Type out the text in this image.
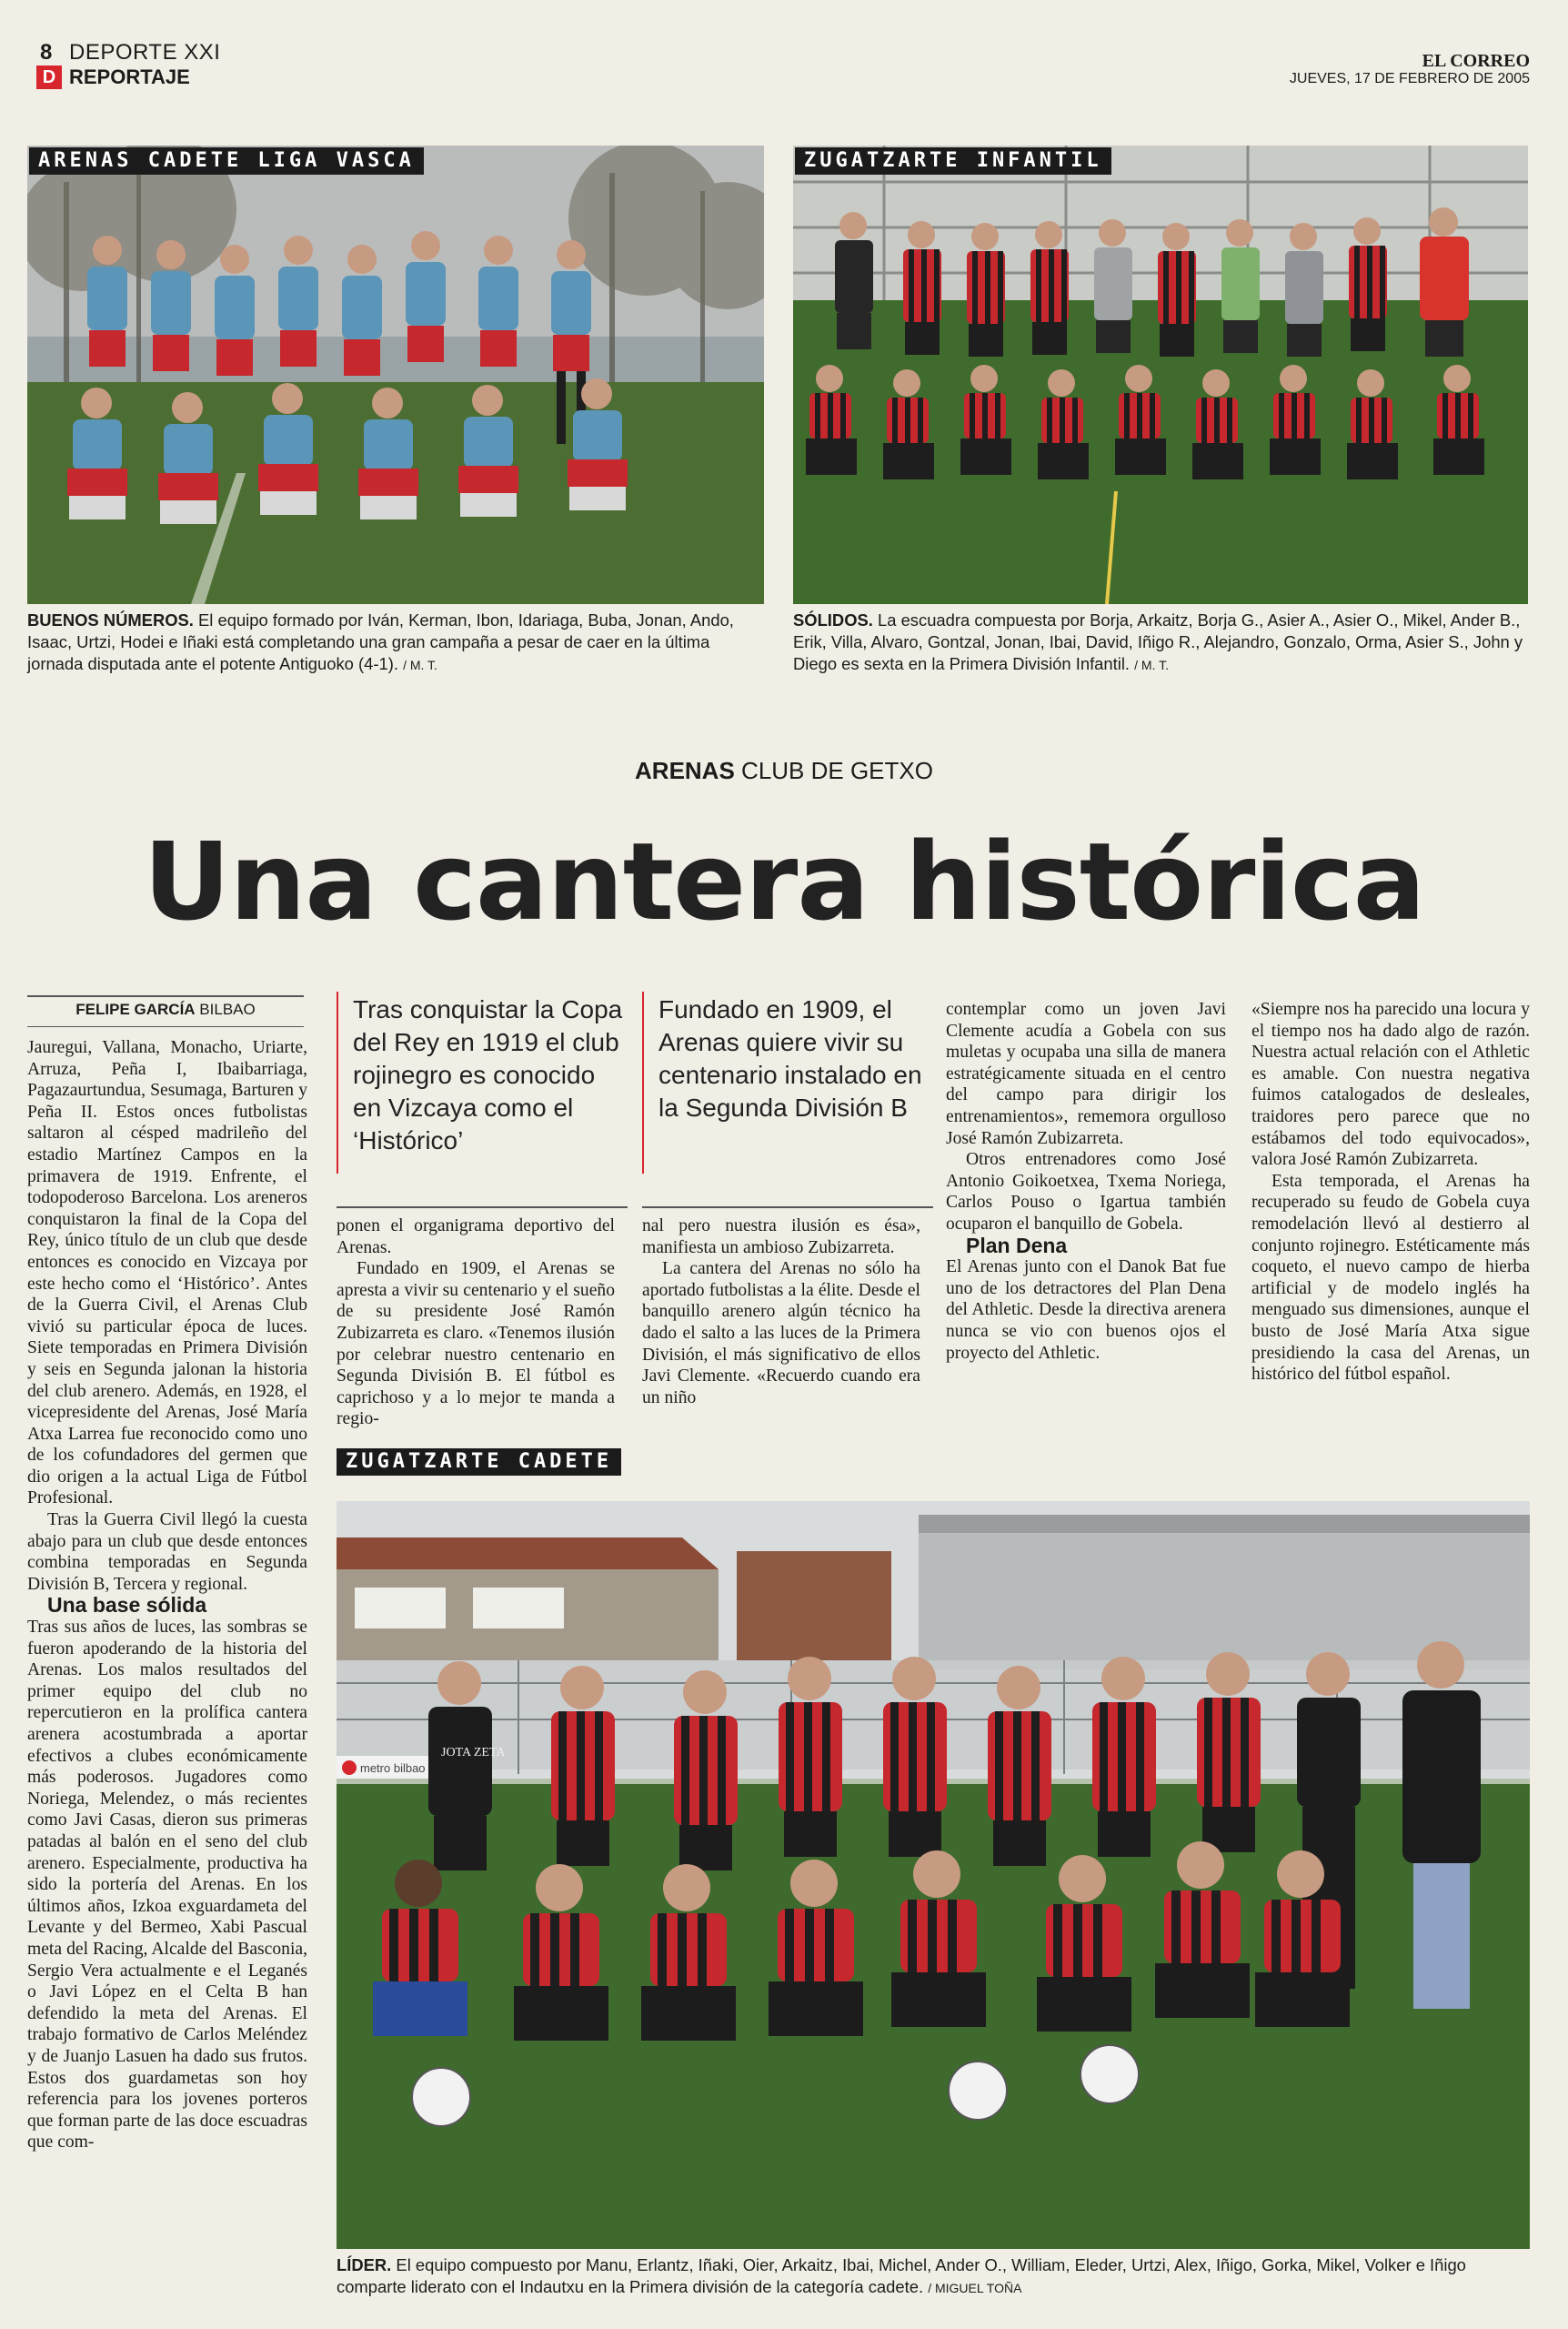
8 DEPORTE XXI
D REPORTAJE
EL CORREO
JUEVES, 17 DE FEBRERO DE 2005
ARENAS CADETE LIGA VASCA	ZUGATZARTE INFANTIL
BUENOS NÚMEROS. El equipo formado por Iván, Kerman, Ibon, Idariaga, Buba, Jonan, Ando, Isaac, Urtzi, Hodei e Iñaki está completando una gran campaña a pesar de caer en la última jornada disputada ante el potente Antiguoko (4-1). / M. T.
SÓLIDOS. La escuadra compuesta por Borja, Arkaitz, Borja G., Asier A., Asier O., Mikel, Ander B., Erik, Villa, Alvaro, Gontzal, Jonan, Ibai, David, Iñigo R., Alejandro, Gonzalo, Orma, Asier S., John y Diego es sexta en la Primera División Infantil. / M. T.
ARENAS CLUB DE GETXO
Una cantera histórica
FELIPE GARCÍA BILBAO	Tras conquistar la Copa del Rey en 1919 el club rojinegro es conocido en Vizcaya como el ‘Histórico’
Fundado en 1909, el Arenas quiere vivir su centenario instalado en la Segunda División B

Jauregui, Vallana, Monacho, Uriarte, Arruza, Peña I, Ibaibarriaga, Pagazaurtundua, Sesumaga, Barturen y Peña II. Estos onces futbolistas saltaron al césped madrileño del estadio Martínez Campos en la primavera de 1919. Enfrente, el todopoderoso Barcelona. Los areneros conquistaron la final de la Copa del Rey, único título de un club que desde entonces es conocido en Vizcaya por este hecho como el ‘Histórico’. Antes de la Guerra Civil, el Arenas Club vivió su particular época de luces. Siete temporadas en Primera División y seis en Segunda jalonan la historia del club arenero. Además, en 1928, el vicepresidente del Arenas, José María Atxa Larrea fue reconocido como uno de los cofundadores del germen que dio origen a la actual Liga de Fútbol Profesional.

Tras la Guerra Civil llegó la cuesta abajo para un club que desde entonces combina temporadas en Segunda División B, Tercera y regional.

Una base sólida

Tras sus años de luces, las sombras se fueron apoderando de la historia del Arenas. Los malos resultados del primer equipo del club no repercutieron en la prolífica cantera arenera acostumbrada a aportar efectivos a clubes económicamente más poderosos. Jugadores como Noriega, Melendez, o más recientes como Javi Casas, dieron sus primeras patadas al balón en el seno del club arenero. Especialmente, productiva ha sido la portería del Arenas. En los últimos años, Izkoa exguardameta del Levante y del Bermeo, Xabi Pascual meta del Racing, Alcalde del Basconia, Sergio Vera actualmente e el Leganés o Javi López en el Celta B han defendido la meta del Arenas. El trabajo formativo de Carlos Meléndez y de Juanjo Lasuen ha dado sus frutos. Estos dos guardametas son hoy referencia para los jovenes porteros que forman parte de las doce escuadras que com-

ponen el organigrama deportivo del Arenas.

Fundado en 1909, el Arenas se apresta a vivir su centenario y el sueño de su presidente José Ramón Zubizarreta es claro. «Tenemos ilusión por celebrar nuestro centenario en Segunda División B. El fútbol es caprichoso y a lo mejor te manda a regio-

nal pero nuestra ilusión es ésa», manifiesta un ambioso Zubizarreta.

La cantera del Arenas no sólo ha aportado futbolistas a la élite. Desde el banquillo arenero algún técnico ha dado el salto a las luces de la Primera División, el más significativo de ellos Javi Clemente. «Recuerdo cuando era un niño

contemplar como un joven Javi Clemente acudía a Gobela con sus muletas y ocupaba una silla de manera estratégicamente situada en el centro del campo para dirigir los entrenamientos», rememora orgulloso José Ramón Zubizarreta.

Otros entrenadores como José Antonio Goikoetxea, Txema Noriega, Carlos Pouso o Igartua también ocuparon el banquillo de Gobela.

Plan Dena

El Arenas junto con el Danok Bat fue uno de los detractores del Plan Dena del Athletic. Desde la directiva arenera nunca se vio con buenos ojos el proyecto del Athletic.

«Siempre nos ha parecido una locura y el tiempo nos ha dado algo de razón. Nuestra actual relación con el Athletic es amable. Con nuestra negativa fuimos catalogados de desleales, traidores pero parece que no estábamos del todo equivocados», valora José Ramón Zubizarreta.

Esta temporada, el Arenas ha recuperado su feudo de Gobela cuya remodelación llevó al destierro al conjunto rojinegro. Estéticamente más coqueto, el nuevo campo de hierba artificial y de modelo inglés ha menguado sus dimensiones, aunque el busto de José María Atxa sigue presidiendo la casa del Arenas, un histórico del fútbol español.

ZUGATZARTE CADETE
metro bilbao
JOTA ZETA
LÍDER. El equipo compuesto por Manu, Erlantz, Iñaki, Oier, Arkaitz, Ibai, Michel, Ander O., William, Eleder, Urtzi, Alex, Iñigo, Gorka, Mikel, Volker e Iñigo comparte liderato con el Indautxu en la Primera división de la categoría cadete. / MIGUEL TOÑA
